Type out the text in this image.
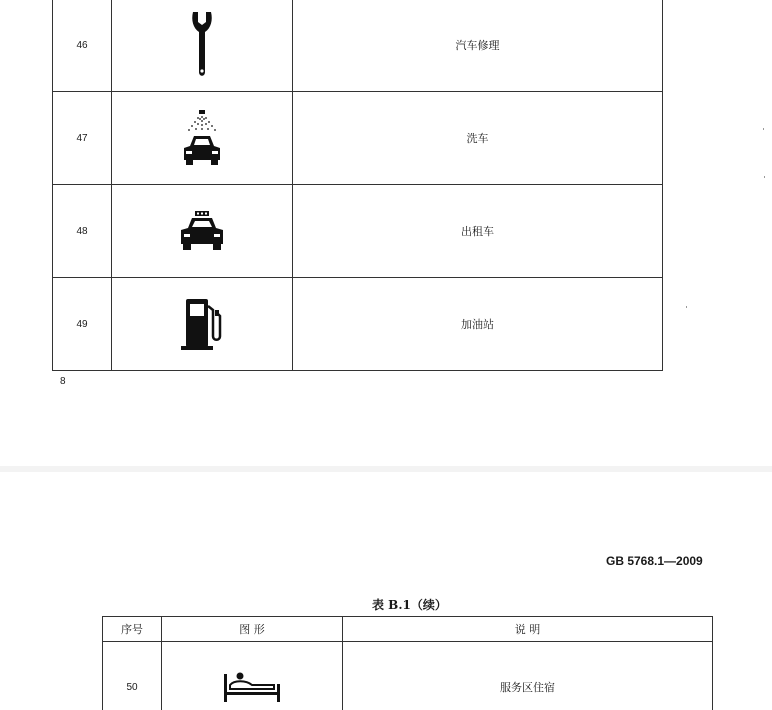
46		汽车修理
47		洗车
48		出租车
49		加油站
8
GB 5768.1—2009
表 B.1（续）
序号	图 形	说 明
50		服务区住宿
